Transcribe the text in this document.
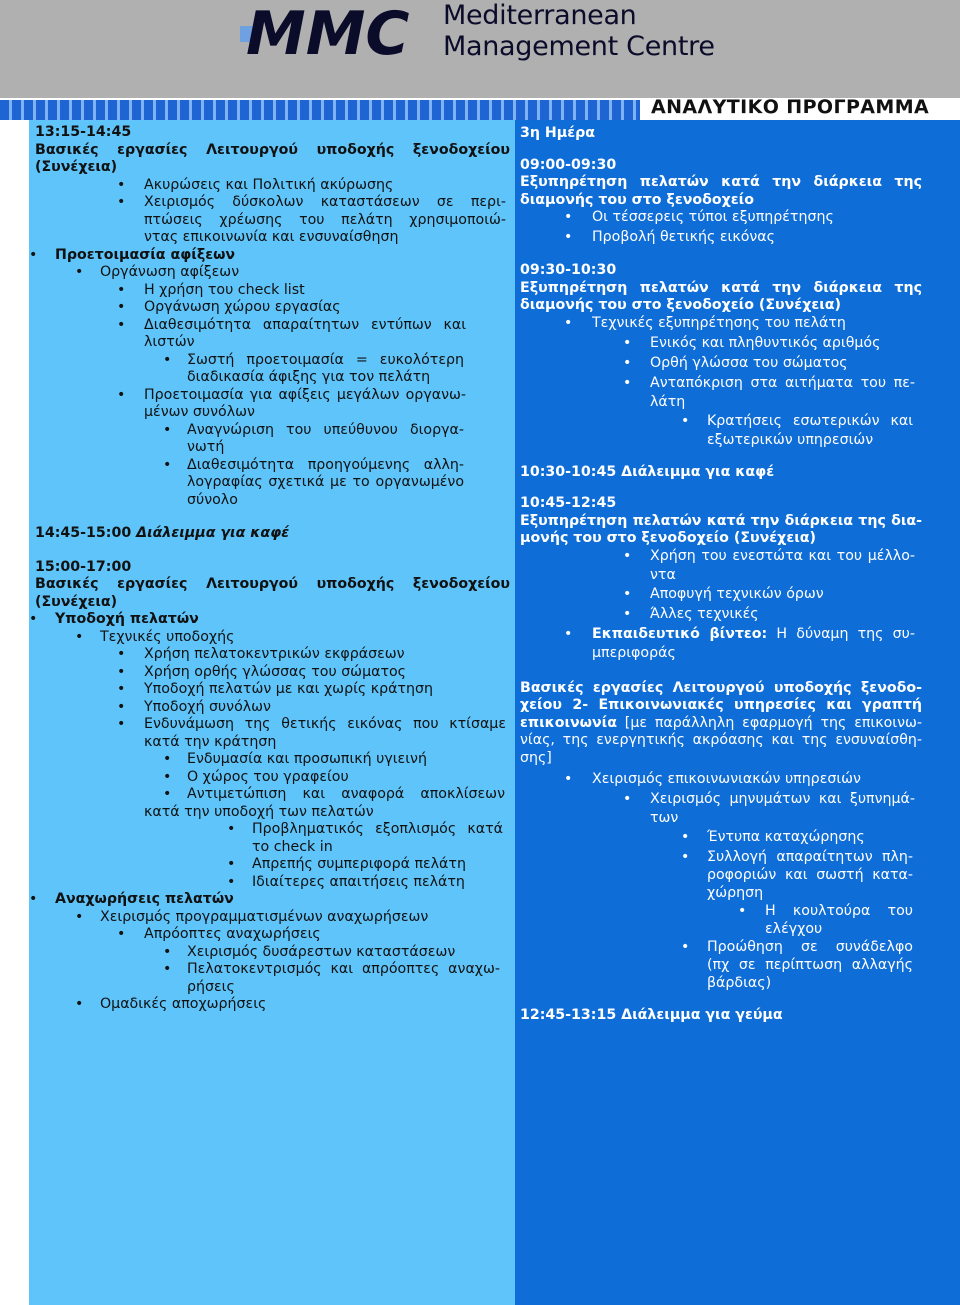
MMC Mediterranean
Management Centre
ΑΝΑΛΥΤΙΚΟ ΠΡΟΓΡΑΜΜΑ
13:15-14:45
Βασικές εργασίες Λειτουργού υποδοχής ξενοδοχείου
(Συνέχεια)
•
Ακυρώσεις και Πολιτική ακύρωσης
•
Χειρισμός δύσκολων καταστάσεων σε περι-
πτώσεις χρέωσης του πελάτη χρησιμοποιώ-
ντας επικοινωνία και ενσυναίσθηση
•
Προετοιμασία αφίξεων
•
Οργάνωση αφίξεων
•
Η χρήση του check list
•
Οργάνωση χώρου εργασίας
•
Διαθεσιμότητα απαραίτητων εντύπων και
λιστών
•
Σωστή προετοιμασία = ευκολότερη
διαδικασία άφιξης για τον πελάτη
•
Προετοιμασία για αφίξεις μεγάλων οργανω-
μένων συνόλων
•
Αναγνώριση του υπεύθυνου διοργα-
νωτή
•
Διαθεσιμότητα προηγούμενης αλλη-
λογραφίας σχετικά με το οργανωμένο
σύνολο
14:45-15:00 Διάλειμμα για καφέ
15:00-17:00
Βασικές εργασίες Λειτουργού υποδοχής ξενοδοχείου
(Συνέχεια)
•
Υποδοχή πελατών
•
Τεχνικές υποδοχής
•
Χρήση πελατοκεντρικών εκφράσεων
•
Χρήση ορθής γλώσσας του σώματος
•
Υποδοχή πελατών με και χωρίς κράτηση
•
Υποδοχή συνόλων
•
Ενδυνάμωση της θετικής εικόνας που κτίσαμε
κατά την κράτηση
•
Ενδυμασία και προσωπική υγιεινή
•
Ο χώρος του γραφείου
•
Αντιμετώπιση και αναφορά αποκλίσεων
κατά την υποδοχή των πελατών
•
Προβληματικός εξοπλισμός κατά
το check in
•
Απρεπής συμπεριφορά πελάτη
•
Ιδιαίτερες απαιτήσεις πελάτη
•
Αναχωρήσεις πελατών
•
Χειρισμός προγραμματισμένων αναχωρήσεων
•
Απρόοπτες αναχωρήσεις
•
Χειρισμός δυσάρεστων καταστάσεων
•
Πελατοκεντρισμός και απρόοπτες αναχω-
ρήσεις
•
Ομαδικές αποχωρήσεις
3η Ημέρα
09:00-09:30
Εξυπηρέτηση πελατών κατά την διάρκεια της
διαμονής του στο ξενοδοχείο
•
Οι τέσσερεις τύποι εξυπηρέτησης
•
Προβολή θετικής εικόνας
09:30-10:30
Εξυπηρέτηση πελατών κατά την διάρκεια της
διαμονής του στο ξενοδοχείο (Συνέχεια)
•
Τεχνικές εξυπηρέτησης του πελάτη
•
Ενικός και πληθυντικός αριθμός
•
Ορθή γλώσσα του σώματος
•
Ανταπόκριση στα αιτήματα του πε-
λάτη
•
Κρατήσεις εσωτερικών και
εξωτερικών υπηρεσιών
10:30-10:45 Διάλειμμα για καφέ
10:45-12:45
Εξυπηρέτηση πελατών κατά την διάρκεια της δια-
μονής του στο ξενοδοχείο (Συνέχεια)
•
Χρήση του ενεστώτα και του μέλλο-
ντα
•
Αποφυγή τεχνικών όρων
•
Άλλες τεχνικές
•
Εκπαιδευτικό βίντεο: Η δύναμη της συ-
μπεριφοράς
Βασικές εργασίες Λειτουργού υποδοχής ξενοδο-
χείου 2- Επικοινωνιακές υπηρεσίες και γραπτή
επικοινωνία [με παράλληλη εφαρμογή της επικοινω-
νίας, της ενεργητικής ακρόασης και της ενσυναίσθη-
σης]
•
Χειρισμός επικοινωνιακών υπηρεσιών
•
Χειρισμός μηνυμάτων και ξυπνημά-
των
•
Έντυπα καταχώρησης
•
Συλλογή απαραίτητων πλη-
ροφοριών και σωστή κατα-
χώρηση
•
Η κουλτούρα του
ελέγχου
•
Προώθηση σε συνάδελφο
(πχ σε περίπτωση αλλαγής
βάρδιας)
12:45-13:15 Διάλειμμα για γεύμα
